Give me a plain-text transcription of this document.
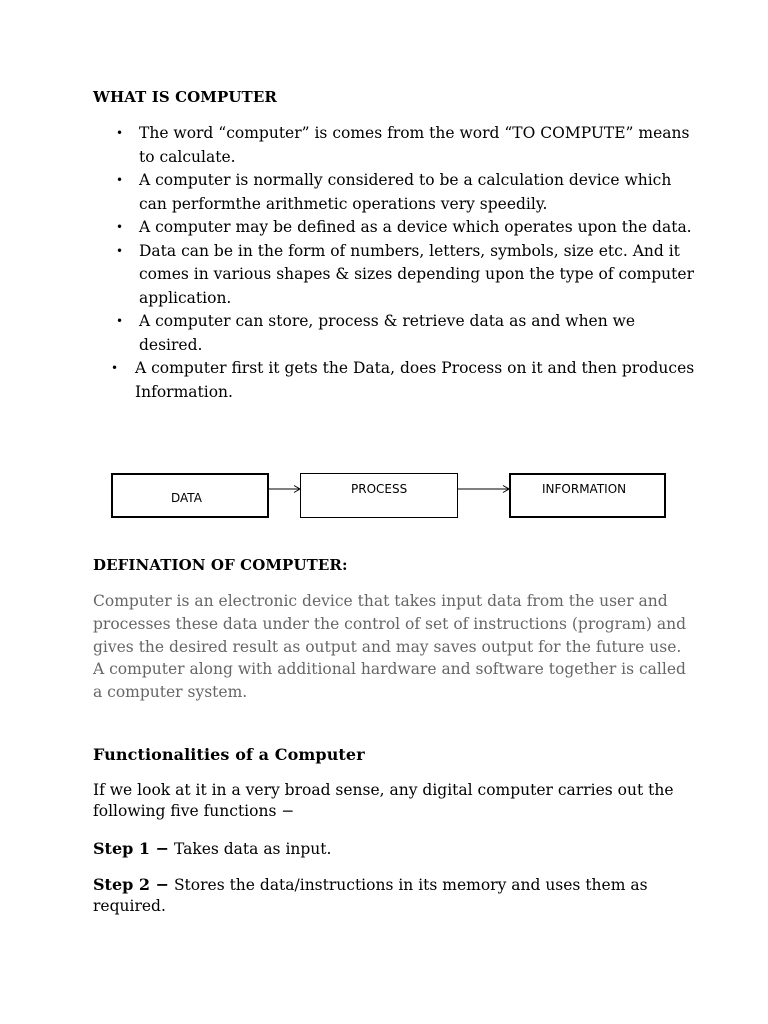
WHAT IS COMPUTER
• The word “computer” is comes from the word “TO COMPUTE” means to calculate.
• A computer is normally considered to be a calculation device which can performthe arithmetic operations very speedily.
• A computer may be defined as a device which operates upon the data.
• Data can be in the form of numbers, letters, symbols, size etc. And it comes in various shapes & sizes depending upon the type of computer application.
• A computer can store, process & retrieve data as and when we desired.
• A computer first it gets the Data, does Process on it and then produces Information.
DATA
PROCESS	INFORMATION
DEFINATION OF COMPUTER:
Computer is an electronic device that takes input data from the user and processes these data under the control of set of instructions (program) and gives the desired result as output and may saves output for the future use. A computer along with additional hardware and software together is called a computer system.
Functionalities of a Computer
If we look at it in a very broad sense, any digital computer carries out the following five functions −
Step 1 − Takes data as input.
Step 2 − Stores the data/instructions in its memory and uses them as required.
